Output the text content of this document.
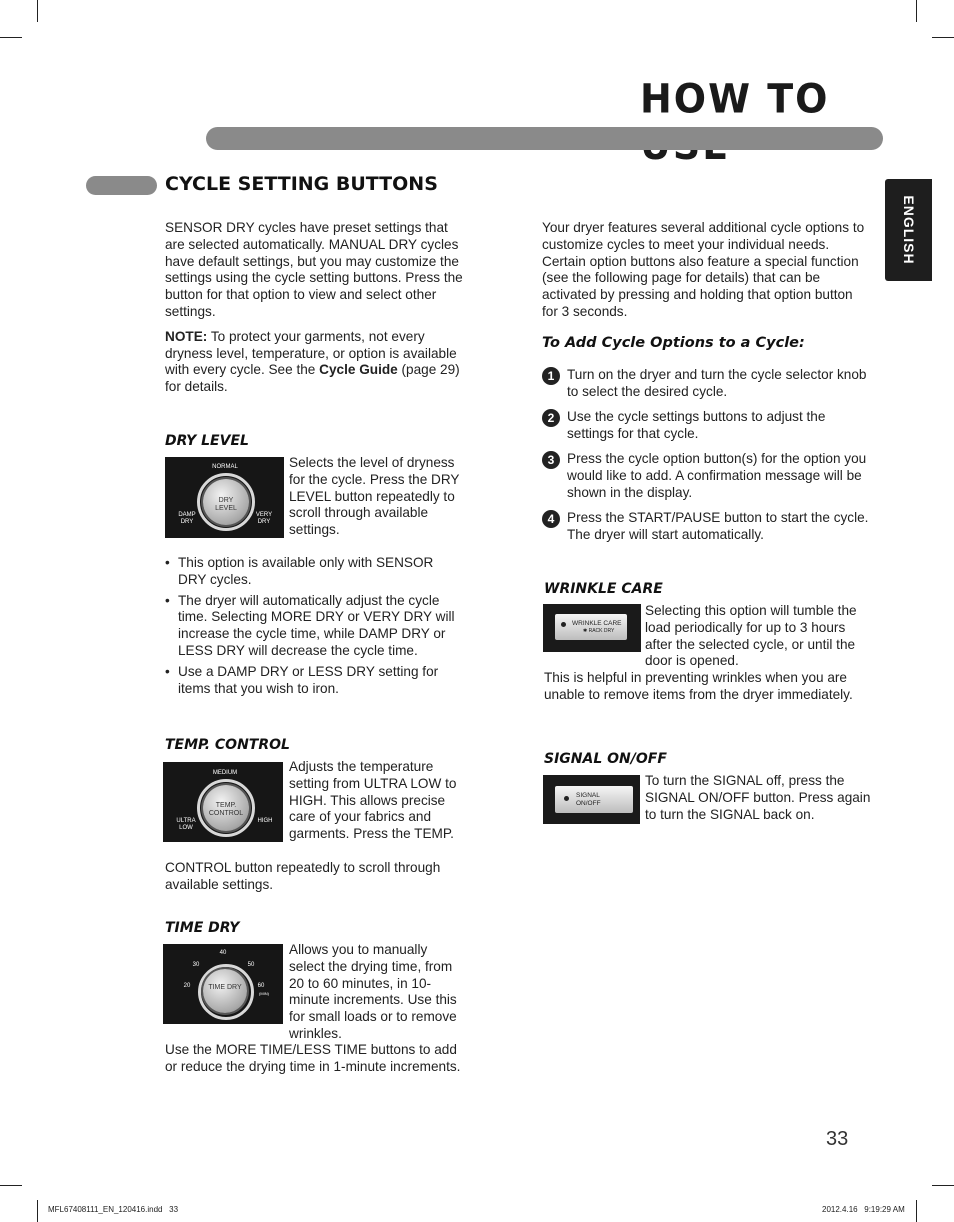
HOW TO
CYCLE SETTING BUTTONS
ENGLISH

SENSOR DRY cycles have preset settings that are selected automatically. MANUAL DRY cycles have default settings, but you may customize the settings using the cycle setting buttons. Press the button for that option to view and select other settings.

NOTE: To protect your garments, not every dryness level, temperature, or option is available with every cycle. See the Cycle Guide (page 29) for details.

DRY LEVEL
NORMAL
DAMP DRY
VERY DRY
DRY LEVEL
Selects the level of dryness for the cycle. Press the DRY LEVEL button repeatedly to scroll through available settings.
• This option is available only with SENSOR DRY cycles.
• The dryer will automatically adjust the cycle time. Selecting MORE DRY or VERY DRY will increase the cycle time, while DAMP DRY or LESS DRY will decrease the cycle time.
• Use a DAMP DRY or LESS DRY setting for items that you wish to iron.
TEMP. CONTROL
MEDIUM
ULTRA LOW
HIGH
TEMP. CONTROL
Adjusts the temperature setting from ULTRA LOW to HIGH. This allows precise care of your fabrics and garments. Press the TEMP.
CONTROL button repeatedly to scroll through available settings.
TIME DRY
40
30	50
20	60
(MIN)
TIME DRY
Allows you to manually select the drying time, from 20 to 60 minutes, in 10-minute increments. Use this for small loads or to remove wrinkles.
Use the MORE TIME/LESS TIME buttons to add or reduce the drying time in 1-minute increments.
Your dryer features several additional cycle options to customize cycles to meet your individual needs. Certain option buttons also feature a special function (see the following page for details) that can be activated by pressing and holding that option button for 3 seconds.
To Add Cycle Options to a Cycle:
1 Turn on the dryer and turn the cycle selector knob to select the desired cycle.
2 Use the cycle settings buttons to adjust the settings for that cycle.
3 Press the cycle option button(s) for the option you would like to add. A confirmation message will be shown in the display.
4 Press the START/PAUSE button to start the cycle. The dryer will start automatically.
WRINKLE CARE
WRINKLE CARE
✱ RACK DRY
Selecting this option will tumble the load periodically for up to 3 hours after the selected cycle, or until the door is opened.
This is helpful in preventing wrinkles when you are unable to remove items from the dryer immediately.
SIGNAL ON/OFF
SIGNAL
ON/OFF
To turn the SIGNAL off, press the SIGNAL ON/OFF button. Press again to turn the SIGNAL back on.
33
MFL67408111_EN_120416.indd   33	2012.4.16   9:19:29 AM
